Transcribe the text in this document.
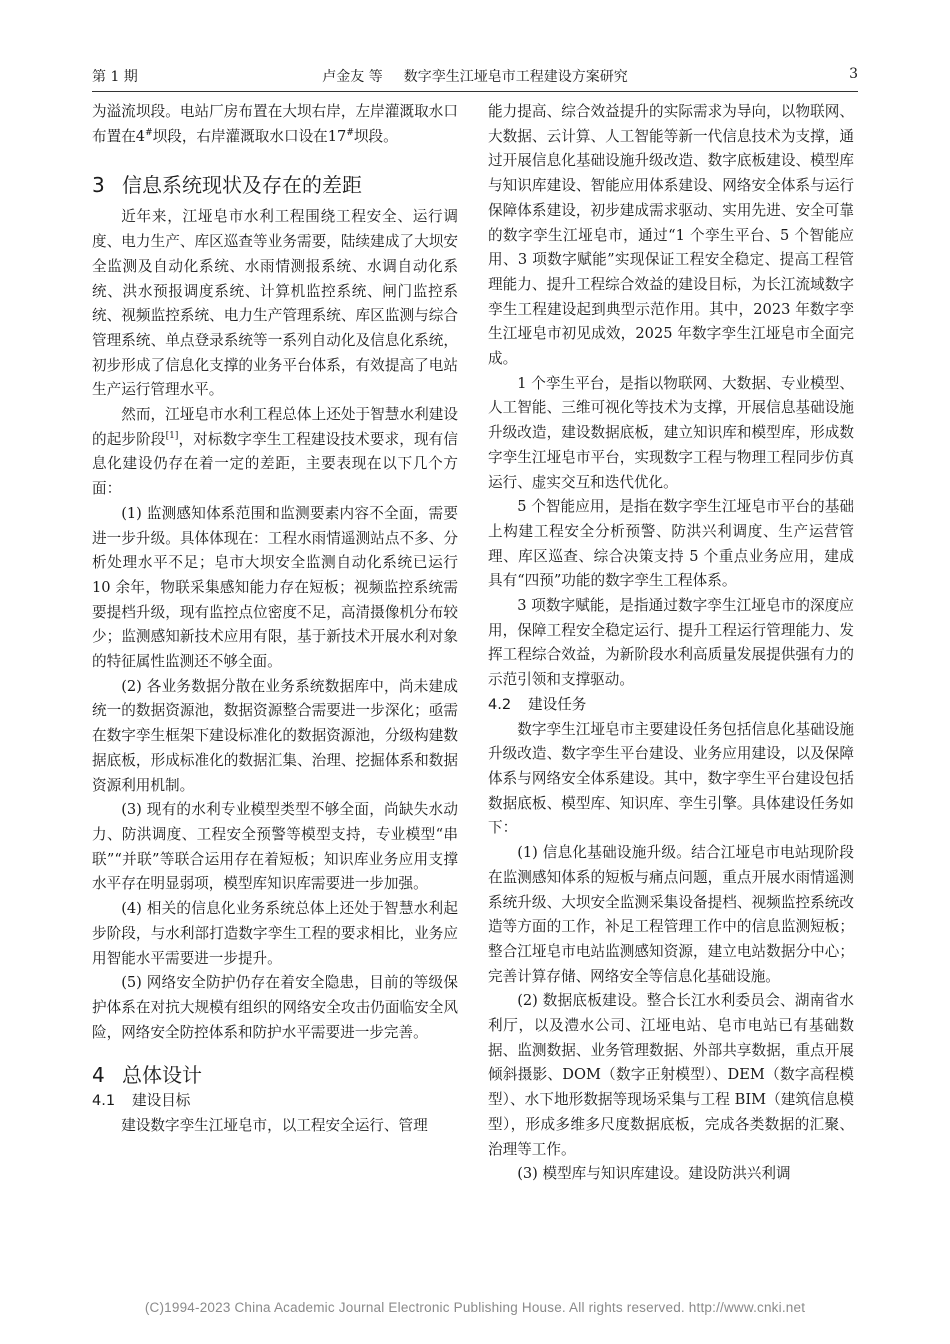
第 1 期	卢金友 等   数字孪生江垭皂市工程建设方案研究	3

为溢流坝段。电站厂房布置在大坝右岸，左岸灌溉取水口布置在4#坝段，右岸灌溉取水口设在17#坝段。

3 信息系统现状及存在的差距

近年来，江垭皂市水利工程围绕工程安全、运行调度、电力生产、库区巡查等业务需要，陆续建成了大坝安全监测及自动化系统、水雨情测报系统、水调自动化系统、洪水预报调度系统、计算机监控系统、闸门监控系统、视频监控系统、电力生产管理系统、库区监测与综合管理系统、单点登录系统等一系列自动化及信息化系统，初步形成了信息化支撑的业务平台体系，有效提高了电站生产运行管理水平。

然而，江垭皂市水利工程总体上还处于智慧水利建设的起步阶段[1]，对标数字孪生工程建设技术要求，现有信息化建设仍存在着一定的差距，主要表现在以下几个方面：

(1) 监测感知体系范围和监测要素内容不全面，需要进一步升级。具体体现在：工程水雨情遥测站点不多、分析处理水平不足；皂市大坝安全监测自动化系统已运行 10 余年，物联采集感知能力存在短板；视频监控系统需要提档升级，现有监控点位密度不足，高清摄像机分布较少；监测感知新技术应用有限，基于新技术开展水利对象的特征属性监测还不够全面。

(2) 各业务数据分散在业务系统数据库中，尚未建成统一的数据资源池，数据资源整合需要进一步深化；亟需在数字孪生框架下建设标准化的数据资源池，分级构建数据底板，形成标准化的数据汇集、治理、挖掘体系和数据资源利用机制。

(3) 现有的水利专业模型类型不够全面，尚缺失水动力、防洪调度、工程安全预警等模型支持，专业模型“串联”“并联”等联合运用存在着短板；知识库业务应用支撑水平存在明显弱项，模型库知识库需要进一步加强。

(4) 相关的信息化业务系统总体上还处于智慧水利起步阶段，与水利部打造数字孪生工程的要求相比，业务应用智能水平需要进一步提升。

(5) 网络安全防护仍存在着安全隐患，目前的等级保护体系在对抗大规模有组织的网络安全攻击仍面临安全风险，网络安全防控体系和防护水平需要进一步完善。

4 总体设计
4.1 建设目标

建设数字孪生江垭皂市，以工程安全运行、管理

能力提高、综合效益提升的实际需求为导向，以物联网、大数据、云计算、人工智能等新一代信息技术为支撑，通过开展信息化基础设施升级改造、数字底板建设、模型库与知识库建设、智能应用体系建设、网络安全体系与运行保障体系建设，初步建成需求驱动、实用先进、安全可靠的数字孪生江垭皂市，通过“1 个孪生平台、5 个智能应用、3 项数字赋能”实现保证工程安全稳定、提高工程管理能力、提升工程综合效益的建设目标，为长江流域数字孪生工程建设起到典型示范作用。其中，2023 年数字孪生江垭皂市初见成效，2025 年数字孪生江垭皂市全面完成。

1 个孪生平台，是指以物联网、大数据、专业模型、人工智能、三维可视化等技术为支撑，开展信息基础设施升级改造，建设数据底板，建立知识库和模型库，形成数字孪生江垭皂市平台，实现数字工程与物理工程同步仿真运行、虚实交互和迭代优化。

5 个智能应用，是指在数字孪生江垭皂市平台的基础上构建工程安全分析预警、防洪兴利调度、生产运营管理、库区巡查、综合决策支持 5 个重点业务应用，建成具有“四预”功能的数字孪生工程体系。

3 项数字赋能，是指通过数字孪生江垭皂市的深度应用，保障工程安全稳定运行、提升工程运行管理能力、发挥工程综合效益，为新阶段水利高质量发展提供强有力的示范引领和支撑驱动。

4.2 建设任务

数字孪生江垭皂市主要建设任务包括信息化基础设施升级改造、数字孪生平台建设、业务应用建设，以及保障体系与网络安全体系建设。其中，数字孪生平台建设包括数据底板、模型库、知识库、孪生引擎。具体建设任务如下：

(1) 信息化基础设施升级。结合江垭皂市电站现阶段在监测感知体系的短板与痛点问题，重点开展水雨情遥测系统升级、大坝安全监测采集设备提档、视频监控系统改造等方面的工作，补足工程管理工作中的信息监测短板；整合江垭皂市电站监测感知资源，建立电站数据分中心；完善计算存储、网络安全等信息化基础设施。

(2) 数据底板建设。整合长江水利委员会、湖南省水利厅，以及澧水公司、江垭电站、皂市电站已有基础数据、监测数据、业务管理数据、外部共享数据，重点开展倾斜摄影、DOM（数字正射模型）、DEM（数字高程模型）、水下地形数据等现场采集与工程 BIM（建筑信息模型），形成多维多尺度数据底板，完成各类数据的汇聚、治理等工作。

(3) 模型库与知识库建设。建设防洪兴利调

(C)1994-2023 China Academic Journal Electronic Publishing House. All rights reserved. http://www.cnki.net
